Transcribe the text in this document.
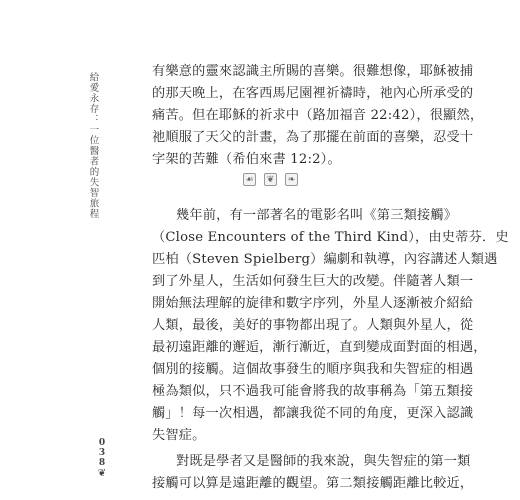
給愛永存：一位醫者的失智旅程
0
3
8
❦
有樂意的靈來認識主所賜的喜樂。很難想像，耶穌被捕
的那天晚上，在客西馬尼園裡祈禱時，祂內心所承受的
痛苦。但在耶穌的祈求中（路加福音 22:42），很顯然，
祂順服了天父的計畫，為了那擺在前面的喜樂，忍受十
字架的苦難（希伯來書 12:2）。
☙	❦	❧
幾年前，有一部著名的電影名叫《第三類接觸》
（Close Encounters of the Third Kind），由史蒂芬．史
匹柏（Steven Spielberg）編劇和執導，內容講述人類遇
到了外星人，生活如何發生巨大的改變。伴隨著人類一
開始無法理解的旋律和數字序列，外星人逐漸被介紹給
人類，最後，美好的事物都出現了。人類與外星人，從
最初遠距離的邂逅，漸行漸近，直到變成面對面的相遇，
個別的接觸。這個故事發生的順序與我和失智症的相遇
極為類似，只不過我可能會將我的故事稱為「第五類接
觸」！每一次相遇，都讓我從不同的角度，更深入認識
失智症。
對既是學者又是醫師的我來說，與失智症的第一類
接觸可以算是遠距離的觀望。第二類接觸距離比較近，
